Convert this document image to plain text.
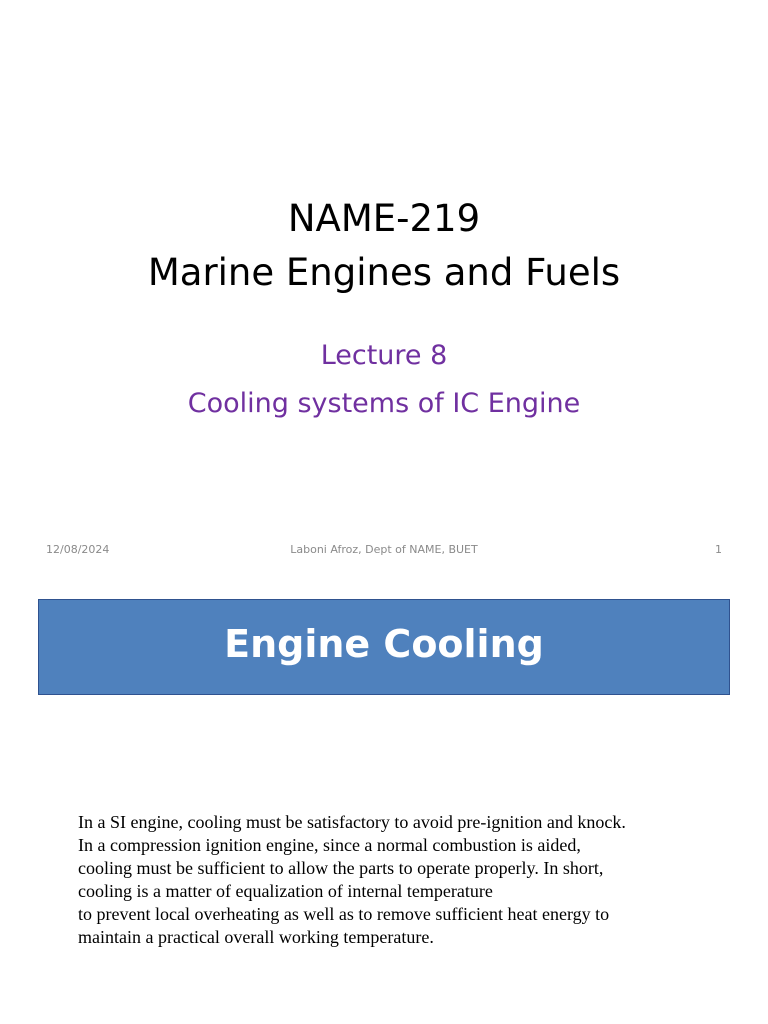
NAME-219
Marine Engines and Fuels
Lecture 8
Cooling systems of IC Engine
12/08/2024	Laboni Afroz, Dept of NAME, BUET	1
Engine Cooling
In a SI engine, cooling must be satisfactory to avoid pre-ignition and knock.
In a compression ignition engine, since a normal combustion is aided,
cooling must be sufficient to allow the parts to operate properly. In short,
cooling is a matter of equalization of internal temperature
to prevent local overheating as well as to remove sufficient heat energy to
maintain a practical overall working temperature.
